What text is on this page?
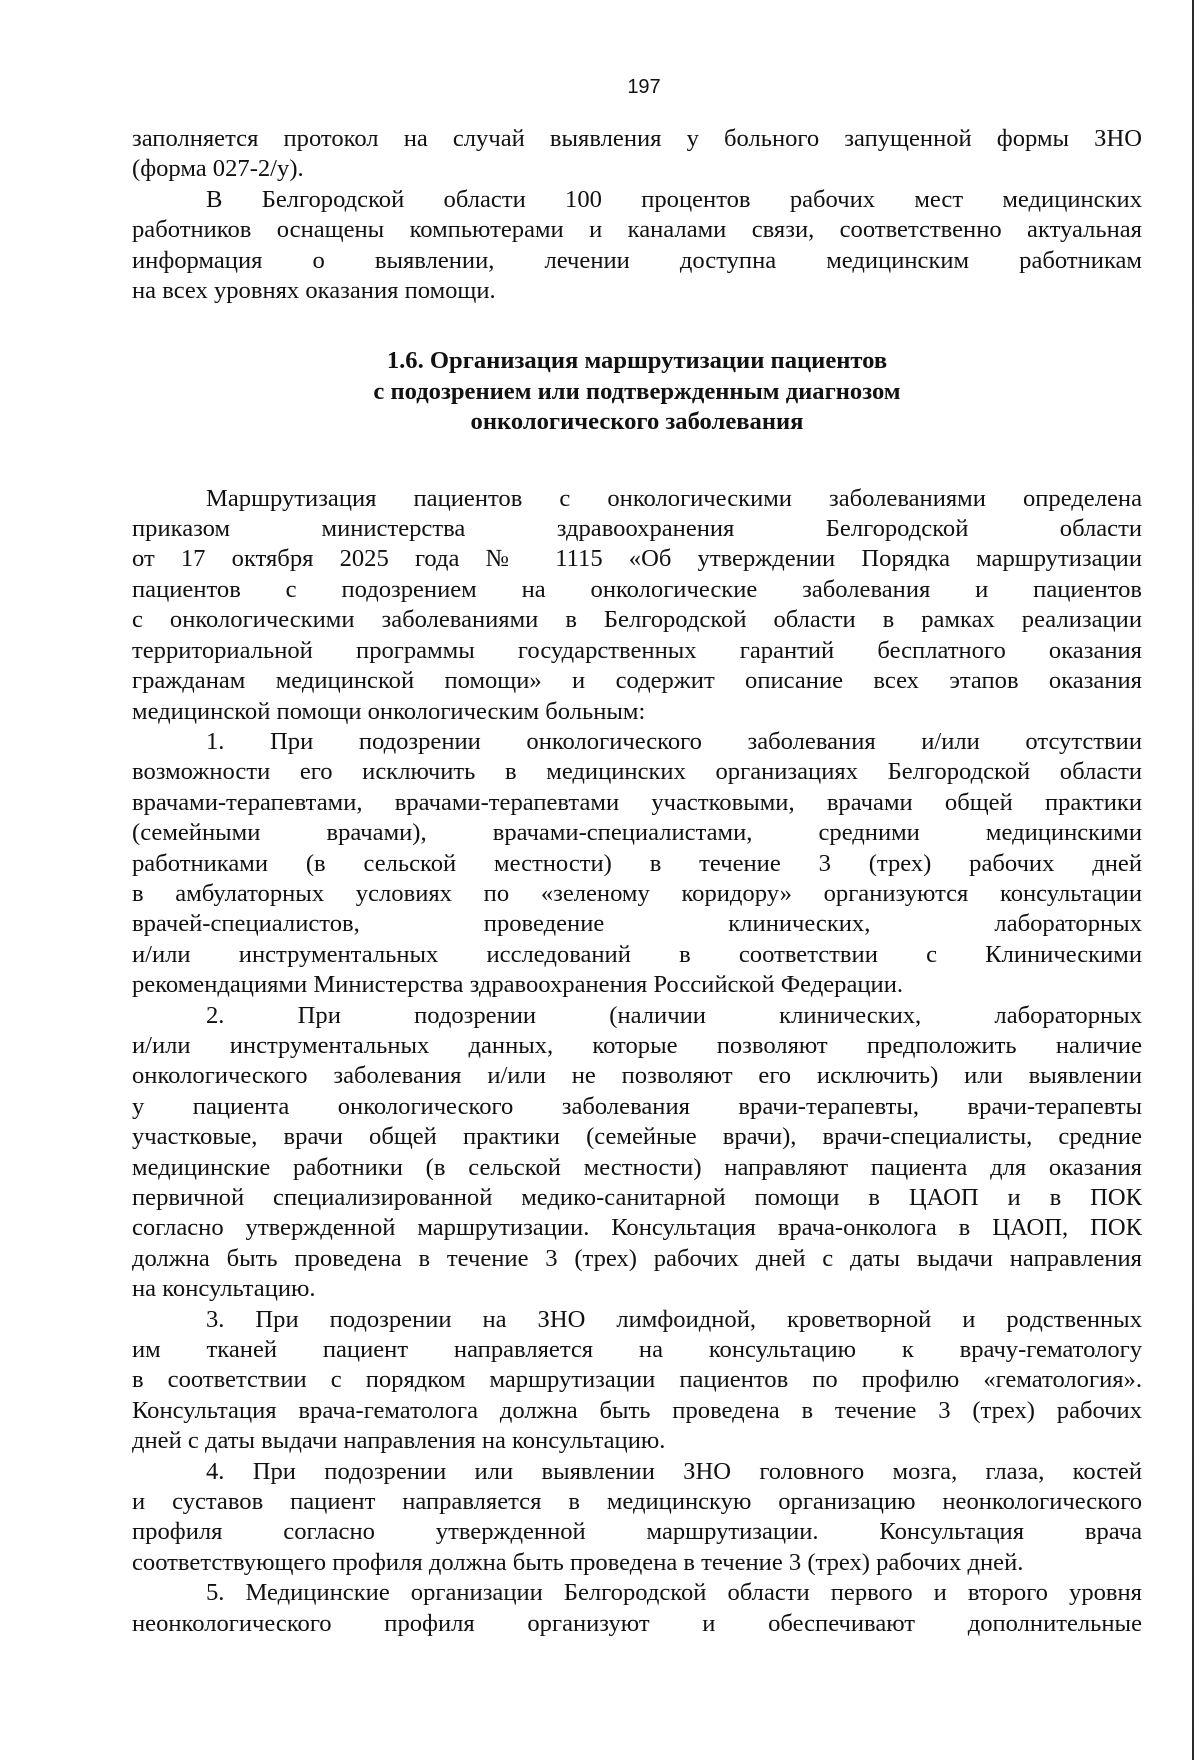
197

заполняется протокол на случай выявления у больного запущенной формы ЗНО

(форма 027-2/у).

В Белгородской области 100 процентов рабочих мест медицинских

работников оснащены компьютерами и каналами связи, соответственно актуальная

информация о выявлении, лечении доступна медицинским работникам

на всех уровнях оказания помощи.

1.6. Организация маршрутизации пациентов
с подозрением или подтвержденным диагнозом
онкологического заболевания

Маршрутизация пациентов с онкологическими заболеваниями определена

приказом министерства здравоохранения Белгородской области

от 17 октября 2025 года № 1115 «Об утверждении Порядка маршрутизации

пациентов с подозрением на онкологические заболевания и пациентов

с онкологическими заболеваниями в Белгородской области в рамках реализации

территориальной программы государственных гарантий бесплатного оказания

гражданам медицинской помощи» и содержит описание всех этапов оказания

медицинской помощи онкологическим больным:

1. При подозрении онкологического заболевания и/или отсутствии

возможности его исключить в медицинских организациях Белгородской области

врачами-терапевтами, врачами-терапевтами участковыми, врачами общей практики

(семейными врачами), врачами-специалистами, средними медицинскими

работниками (в сельской местности) в течение 3 (трех) рабочих дней

в амбулаторных условиях по «зеленому коридору» организуются консультации

врачей-специалистов, проведение клинических, лабораторных

и/или инструментальных исследований в соответствии с Клиническими

рекомендациями Министерства здравоохранения Российской Федерации.

2. При подозрении (наличии клинических, лабораторных

и/или инструментальных данных, которые позволяют предположить наличие

онкологического заболевания и/или не позволяют его исключить) или выявлении

у пациента онкологического заболевания врачи-терапевты, врачи-терапевты

участковые, врачи общей практики (семейные врачи), врачи-специалисты, средние

медицинские работники (в сельской местности) направляют пациента для оказания

первичной специализированной медико-санитарной помощи в ЦАОП и в ПОК

согласно утвержденной маршрутизации. Консультация врача-онколога в ЦАОП, ПОК

должна быть проведена в течение 3 (трех) рабочих дней с даты выдачи направления

на консультацию.

3. При подозрении на ЗНО лимфоидной, кроветворной и родственных

им тканей пациент направляется на консультацию к врачу-гематологу

в соответствии с порядком маршрутизации пациентов по профилю «гематология».

Консультация врача-гематолога должна быть проведена в течение 3 (трех) рабочих

дней с даты выдачи направления на консультацию.

4. При подозрении или выявлении ЗНО головного мозга, глаза, костей

и суставов пациент направляется в медицинскую организацию неонкологического

профиля согласно утвержденной маршрутизации. Консультация врача

соответствующего профиля должна быть проведена в течение 3 (трех) рабочих дней.

5. Медицинские организации Белгородской области первого и второго уровня

неонкологического профиля организуют и обеспечивают дополнительные
